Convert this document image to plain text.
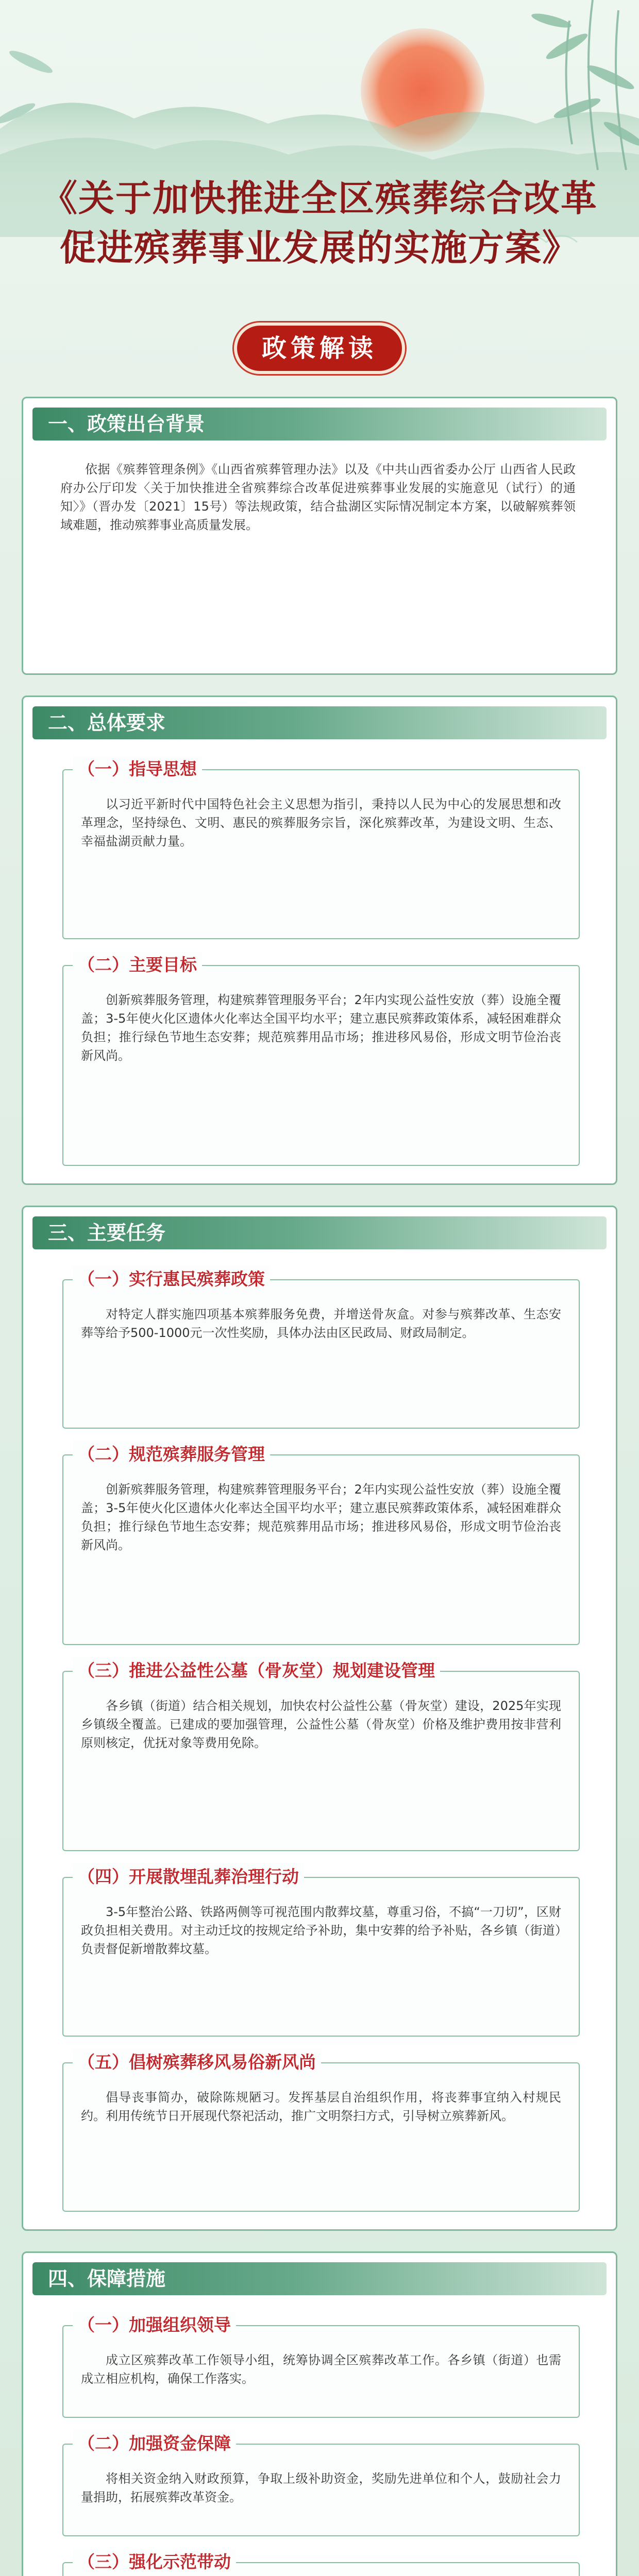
《关于加快推进全区殡葬综合改革
促进殡葬事业发展的实施方案》
政策解读
一、政策出台背景
依据《殡葬管理条例》《山西省殡葬管理办法》以及《中共山西省委办公厅 山西省人民政府办公厅印发〈关于加快推进全省殡葬综合改革促进殡葬事业发展的实施意见（试行）的通知〉》（晋办发〔2021〕15号）等法规政策，结合盐湖区实际情况制定本方案，以破解殡葬领域难题，推动殡葬事业高质量发展。
二、总体要求
（一）指导思想
以习近平新时代中国特色社会主义思想为指引，秉持以人民为中心的发展思想和改革理念，坚持绿色、文明、惠民的殡葬服务宗旨，深化殡葬改革，为建设文明、生态、幸福盐湖贡献力量。
（二）主要目标
创新殡葬服务管理，构建殡葬管理服务平台；2年内实现公益性安放（葬）设施全覆盖；3-5年使火化区遗体火化率达全国平均水平；建立惠民殡葬政策体系，减轻困难群众负担；推行绿色节地生态安葬；规范殡葬用品市场；推进移风易俗，形成文明节俭治丧新风尚。
三、主要任务
（一）实行惠民殡葬政策
对特定人群实施四项基本殡葬服务免费，并增送骨灰盒。对参与殡葬改革、生态安葬等给予500-1000元一次性奖励，具体办法由区民政局、财政局制定。
（二）规范殡葬服务管理
创新殡葬服务管理，构建殡葬管理服务平台；2年内实现公益性安放（葬）设施全覆盖；3-5年使火化区遗体火化率达全国平均水平；建立惠民殡葬政策体系，减轻困难群众负担；推行绿色节地生态安葬；规范殡葬用品市场；推进移风易俗，形成文明节俭治丧新风尚。
（三）推进公益性公墓（骨灰堂）规划建设管理
各乡镇（街道）结合相关规划，加快农村公益性公墓（骨灰堂）建设，2025年实现乡镇级全覆盖。已建成的要加强管理，公益性公墓（骨灰堂）价格及维护费用按非营利原则核定，优抚对象等费用免除。
（四）开展散埋乱葬治理行动
3-5年整治公路、铁路两侧等可视范围内散葬坟墓，尊重习俗，不搞“一刀切”，区财政负担相关费用。对主动迁坟的按规定给予补助，集中安葬的给予补贴，各乡镇（街道）负责督促新增散葬坟墓。
（五）倡树殡葬移风易俗新风尚
倡导丧事简办，破除陈规陋习。发挥基层自治组织作用，将丧葬事宜纳入村规民约。利用传统节日开展现代祭祀活动，推广文明祭扫方式，引导树立殡葬新风。
四、保障措施
（一）加强组织领导
成立区殡葬改革工作领导小组，统筹协调全区殡葬改革工作。各乡镇（街道）也需成立相应机构，确保工作落实。
（二）加强资金保障
将相关资金纳入财政预算，争取上级补助资金，奖励先进单位和个人，鼓励社会力量捐助，拓展殡葬改革资金。
（三）强化示范带动
